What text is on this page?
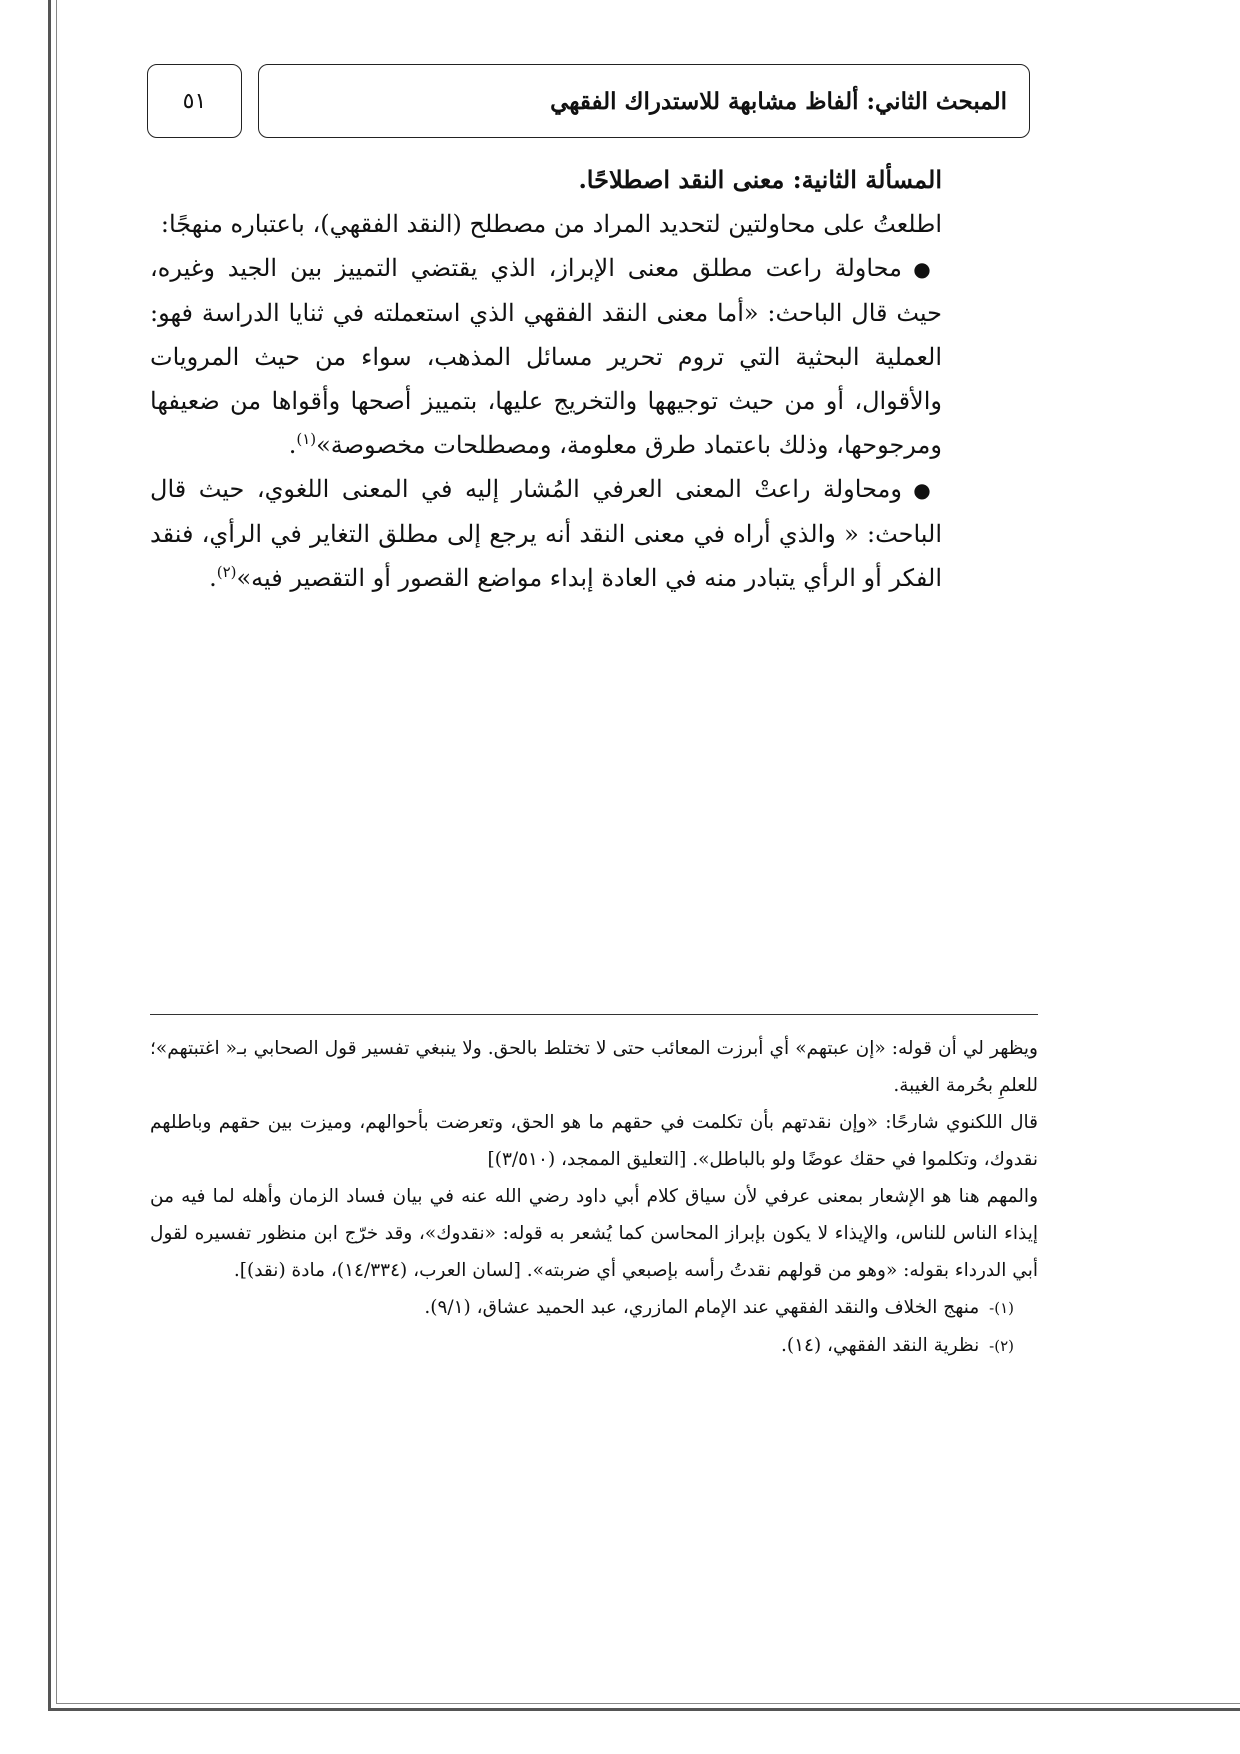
٥١	المبحث الثاني: ألفاظ مشابهة للاستدراك الفقهي

المسألة الثانية: معنى النقد اصطلاحًا.

اطلعتُ على محاولتين لتحديد المراد من مصطلح (النقد الفقهي)، باعتباره منهجًا:

●محاولة راعت مطلق معنى الإبراز، الذي يقتضي التمييز بين الجيد وغيره، حيث قال الباحث: «أما معنى النقد الفقهي الذي استعملته في ثنايا الدراسة فهو: العملية البحثية التي تروم تحرير مسائل المذهب، سواء من حيث المرويات والأقوال، أو من حيث توجيهها والتخريج عليها، بتمييز أصحها وأقواها من ضعيفها ومرجوحها، وذلك باعتماد طرق معلومة، ومصطلحات مخصوصة»$^{(١)}$.

●ومحاولة راعتْ المعنى العرفي المُشار إليه في المعنى اللغوي، حيث قال الباحث: « والذي أراه في معنى النقد أنه يرجع إلى مطلق التغاير في الرأي، فنقد الفكر أو الرأي يتبادر منه في العادة إبداء مواضع القصور أو التقصير فيه»$^{(٢)}$.

ويظهر لي أن قوله: «إن عبتهم» أي أبرزت المعائب حتى لا تختلط بالحق. ولا ينبغي تفسير قول الصحابي بـ« اغتبتهم»؛ للعلمِ بحُرمة الغيبة.

قال اللكنوي شارحًا: «وإن نقدتهم بأن تكلمت في حقهم ما هو الحق، وتعرضت بأحوالهم، وميزت بين حقهم وباطلهم نقدوك، وتكلموا في حقك عوضًا ولو بالباطل». [التعليق الممجد، (٣/٥١٠)]

والمهم هنا هو الإشعار بمعنى عرفي لأن سياق كلام أبي داود رضي الله عنه في بيان فساد الزمان وأهله لما فيه من إيذاء الناس للناس، والإيذاء لا يكون بإبراز المحاسن كما يُشعر به قوله: «نقدوك»، وقد خرّج ابن منظور تفسيره لقول أبي الدرداء بقوله: «وهو من قولهم نقدتُ رأسه بإصبعي أي ضربته». [لسان العرب، (١٤/٣٣٤)، مادة (نقد)].

(١)- منهج الخلاف والنقد الفقهي عند الإمام المازري، عبد الحميد عشاق، (٩/١).

(٢)- نظرية النقد الفقهي، (١٤).
